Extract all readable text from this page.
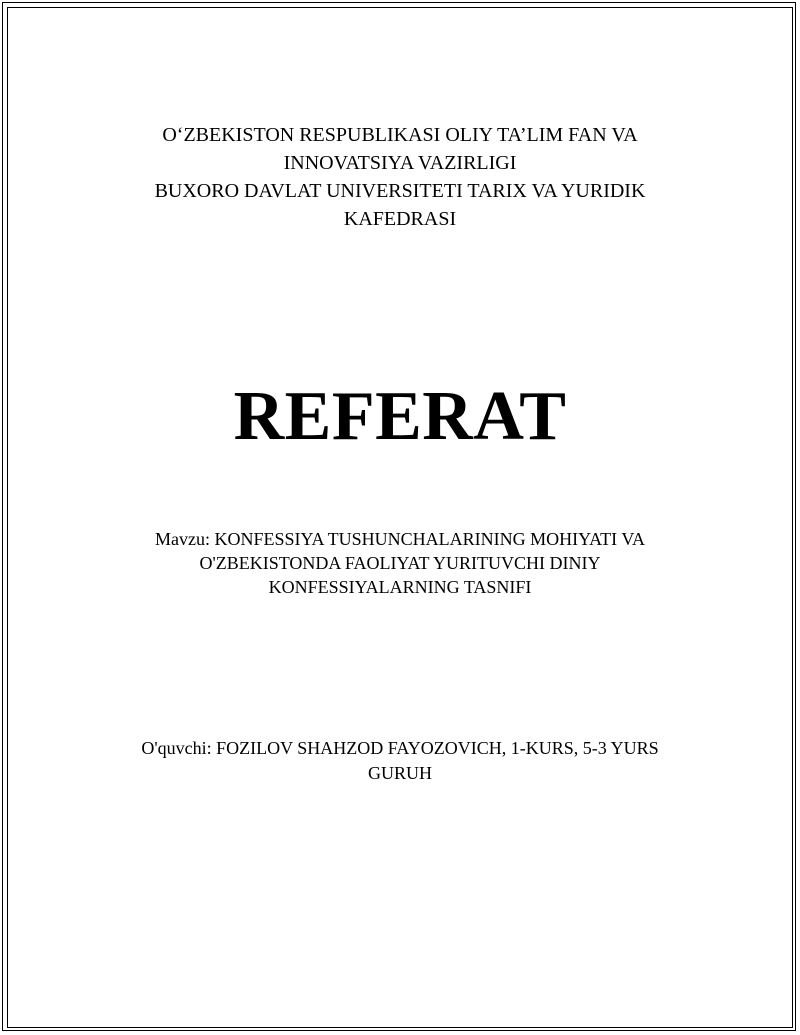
O‘ZBEKISTON RESPUBLIKASI OLIY TA’LIM FAN VA
INNOVATSIYA VAZIRLIGI
BUXORO DAVLAT UNIVERSITETI TARIX VA YURIDIK
KAFEDRASI
REFERAT
Mavzu: KONFESSIYA TUSHUNCHALARINING MOHIYATI VA
O'ZBEKISTONDA FAOLIYAT YURITUVCHI DINIY
KONFESSIYALARNING TASNIFI
O'quvchi: FOZILOV SHAHZOD FAYOZOVICH, 1-KURS, 5-3 YURS
GURUH
